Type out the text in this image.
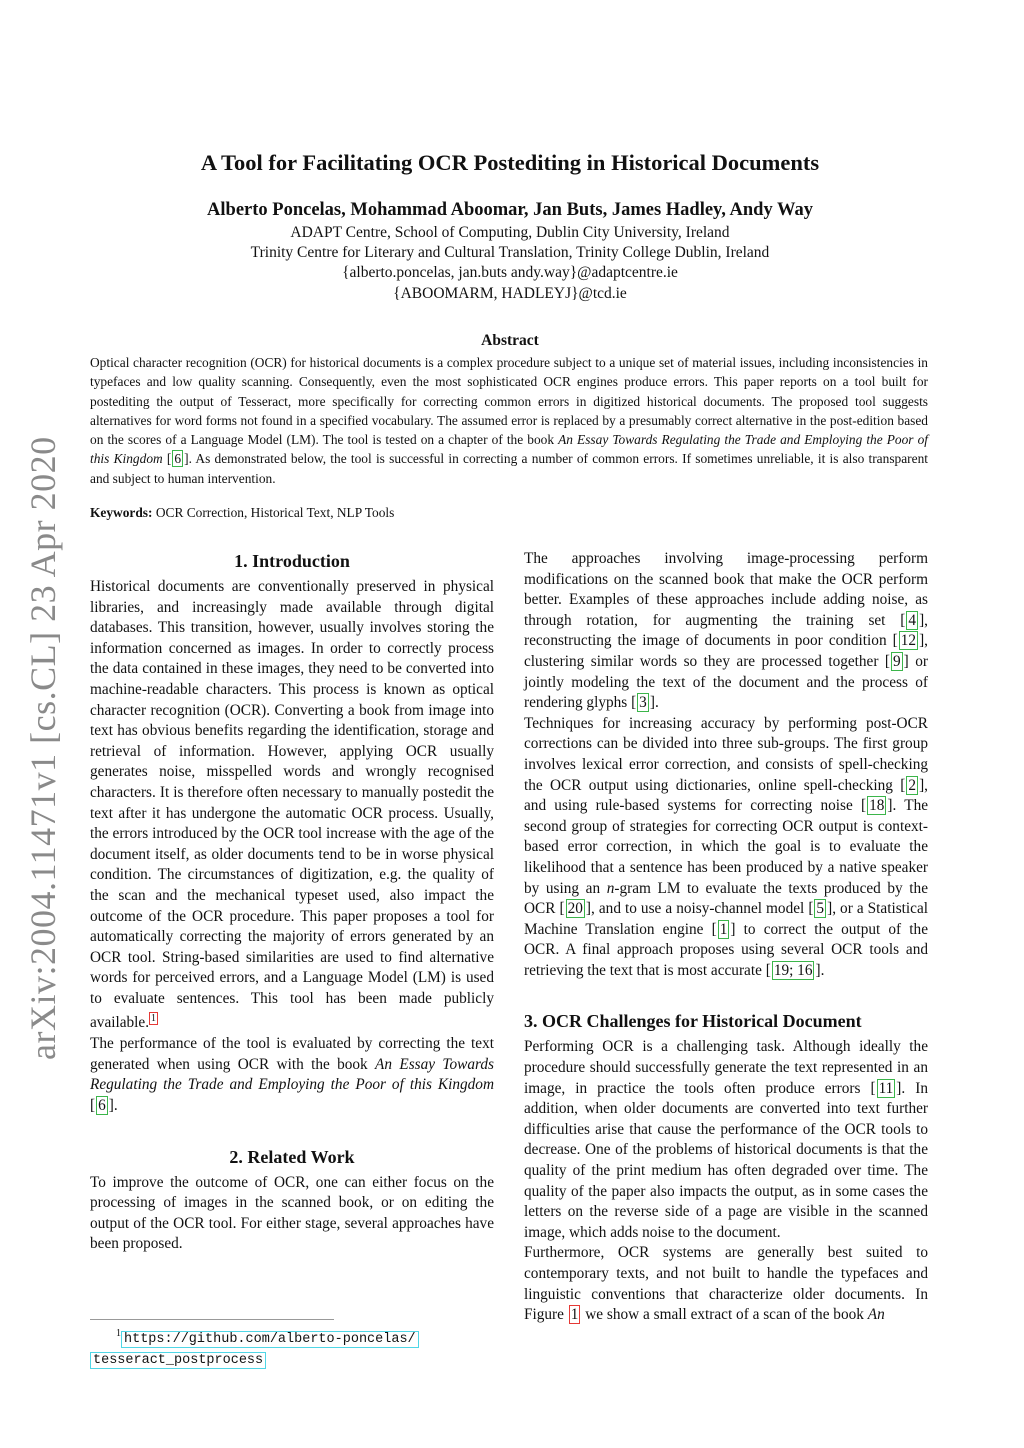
arXiv:2004.11471v1 [cs.CL] 23 Apr 2020
A Tool for Facilitating OCR Postediting in Historical Documents
Alberto Poncelas, Mohammad Aboomar, Jan Buts, James Hadley, Andy Way
ADAPT Centre, School of Computing, Dublin City University, Ireland
Trinity Centre for Literary and Cultural Translation, Trinity College Dublin, Ireland
{alberto.poncelas, jan.buts andy.way}@adaptcentre.ie
{ABOOMARM, HADLEYJ}@tcd.ie
Abstract

Optical character recognition (OCR) for historical documents is a complex procedure subject to a unique set of material issues, including inconsistencies in typefaces and low quality scanning. Consequently, even the most sophisticated OCR engines produce errors. This paper reports on a tool built for postediting the output of Tesseract, more specifically for correcting common errors in digitized historical documents. The proposed tool suggests alternatives for word forms not found in a specified vocabulary. The assumed error is replaced by a presumably correct alternative in the post-edition based on the scores of a Language Model (LM). The tool is tested on a chapter of the book An Essay Towards Regulating the Trade and Employing the Poor of this Kingdom [ 6 ]. As demonstrated below, the tool is successful in correcting a number of common errors. If sometimes unreliable, it is also transparent and subject to human intervention.

Keywords: OCR Correction, Historical Text, NLP Tools
1. Introduction

Historical documents are conventionally preserved in physical libraries, and increasingly made available through digital databases. This transition, however, usually involves storing the information concerned as images. In order to correctly process the data contained in these images, they need to be converted into machine-readable characters. This process is known as optical character recognition (OCR). Converting a book from image into text has obvious benefits regarding the identification, storage and retrieval of information. However, applying OCR usually generates noise, misspelled words and wrongly recognised characters. It is therefore often necessary to manually postedit the text after it has undergone the automatic OCR process. Usually, the errors introduced by the OCR tool increase with the age of the document itself, as older documents tend to be in worse physical condition. The circumstances of digitization, e.g. the quality of the scan and the mechanical typeset used, also impact the outcome of the OCR procedure. This paper proposes a tool for automatically correcting the majority of errors generated by an OCR tool. String-based similarities are used to find alternative words for perceived errors, and a Language Model (LM) is used to evaluate sentences. This tool has been made publicly available. $^1$

The performance of the tool is evaluated by correcting the text generated when using OCR with the book An Essay Towards Regulating the Trade and Employing the Poor of this Kingdom [ 6 ].

2. Related Work

To improve the outcome of OCR, one can either focus on the processing of images in the scanned book, or on editing the output of the OCR tool. For either stage, several approaches have been proposed.

The approaches involving image-processing perform modifications on the scanned book that make the OCR perform better. Examples of these approaches include adding noise, as through rotation, for augmenting the training set [ 4 ], reconstructing the image of documents in poor condition [ 12 ], clustering similar words so they are processed together [ 9 ] or jointly modeling the text of the document and the process of rendering glyphs [ 3 ].

Techniques for increasing accuracy by performing post-OCR corrections can be divided into three sub-groups. The first group involves lexical error correction, and consists of spell-checking the OCR output using dictionaries, online spell-checking [ 2 ], and using rule-based systems for correcting noise [ 18 ]. The second group of strategies for correcting OCR output is context-based error correction, in which the goal is to evaluate the likelihood that a sentence has been produced by a native speaker by using an n-gram LM to evaluate the texts produced by the OCR [ 20 ], and to use a noisy-channel model [ 5 ], or a Statistical Machine Translation engine [ 1 ] to correct the output of the OCR. A final approach proposes using several OCR tools and retrieving the text that is most accurate [ 19; 16 ].

3. OCR Challenges for Historical Document

Performing OCR is a challenging task. Although ideally the procedure should successfully generate the text represented in an image, in practice the tools often produce errors [ 11 ]. In addition, when older documents are converted into text further difficulties arise that cause the performance of the OCR tools to decrease. One of the problems of historical documents is that the quality of the print medium has often degraded over time. The quality of the paper also impacts the output, as in some cases the letters on the reverse side of a page are visible in the scanned image, which adds noise to the document.

Furthermore, OCR systems are generally best suited to contemporary texts, and not built to handle the typefaces and linguistic conventions that characterize older documents. In Figure 1 we show a small extract of a scan of the book An

$^1$ https://github.com/alberto-poncelas/
tesseract_postprocess
